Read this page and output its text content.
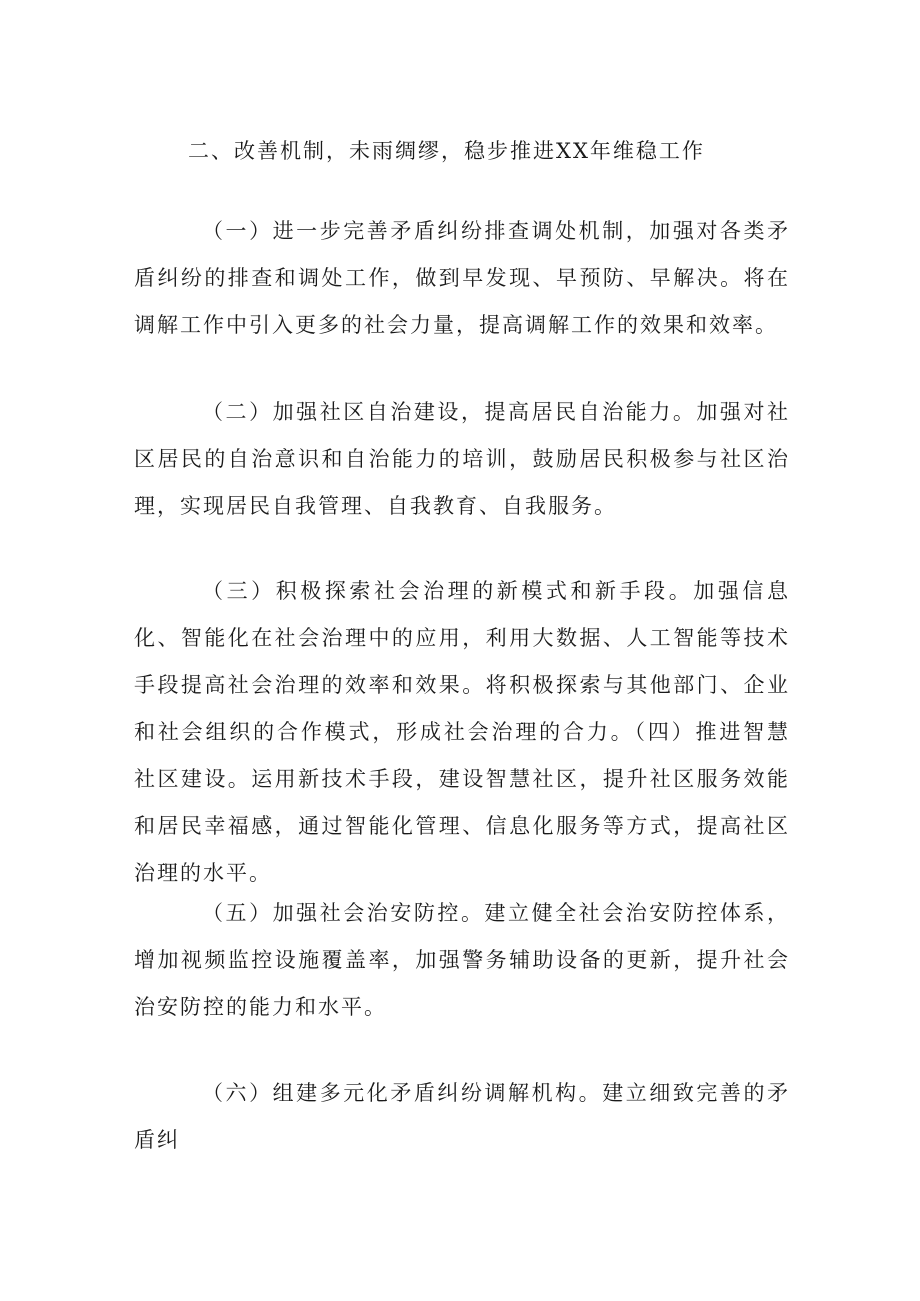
二、改善机制，未雨绸缪，稳步推进XX年维稳工作
（一）进一步完善矛盾纠纷排查调处机制，加强对各类矛盾纠纷的排查和调处工作，做到早发现、早预防、早解决。将在调解工作中引入更多的社会力量，提高调解工作的效果和效率。
（二）加强社区自治建设，提高居民自治能力。加强对社区居民的自治意识和自治能力的培训，鼓励居民积极参与社区治理，实现居民自我管理、自我教育、自我服务。
（三）积极探索社会治理的新模式和新手段。加强信息化、智能化在社会治理中的应用，利用大数据、人工智能等技术手段提高社会治理的效率和效果。将积极探索与其他部门、企业和社会组织的合作模式，形成社会治理的合力。（四）推进智慧社区建设。运用新技术手段，建设智慧社区，提升社区服务效能和居民幸福感，通过智能化管理、信息化服务等方式，提高社区治理的水平。
（五）加强社会治安防控。建立健全社会治安防控体系，增加视频监控设施覆盖率，加强警务辅助设备的更新，提升社会治安防控的能力和水平。
（六）组建多元化矛盾纠纷调解机构。建立细致完善的矛盾纠
